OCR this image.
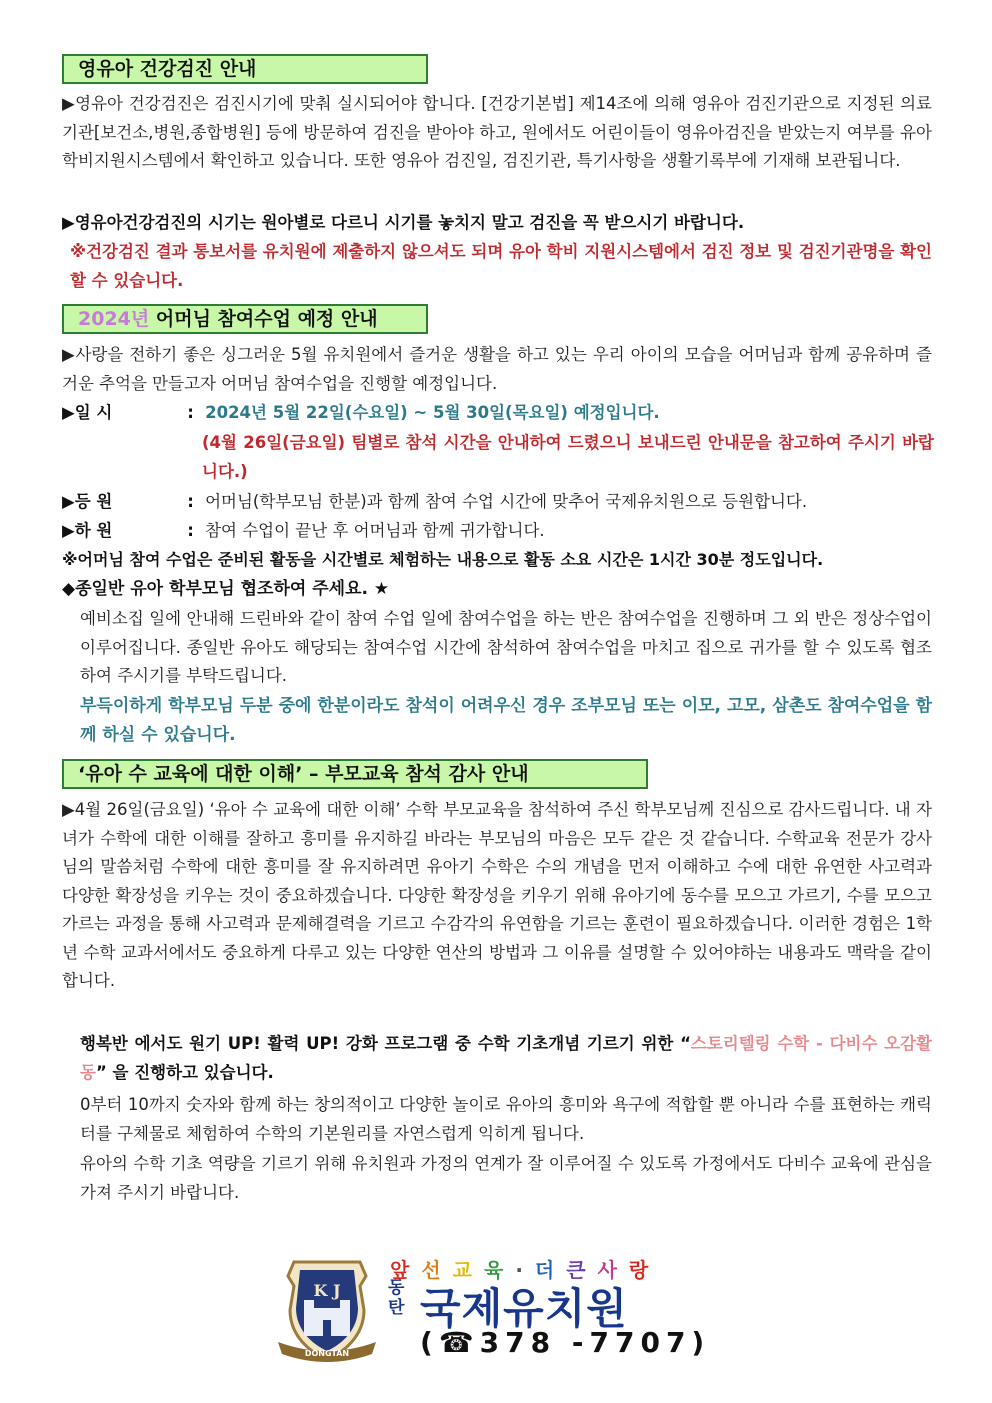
영유아 건강검진 안내

▶영유아 건강검진은 검진시기에 맞춰 실시되어야 합니다. [건강기본법] 제14조에 의해 영유아 검진기관으로 지정된 의료기관[보건소,병원,종합병원] 등에 방문하여 검진을 받아야 하고, 원에서도 어린이들이 영유아검진을 받았는지 여부를 유아학비지원시스템에서 확인하고 있습니다. 또한 영유아 검진일, 검진기관, 특기사항을 생활기록부에 기재해 보관됩니다.

▶영유아건강검진의 시기는 원아별로 다르니 시기를 놓치지 말고 검진을 꼭 받으시기 바랍니다.

※건강검진 결과 통보서를 유치원에 제출하지 않으셔도 되며 유아 학비 지원시스템에서 검진 정보 및 검진기관명을 확인 할 수 있습니다.

2024년 어머님 참여수업 예정 안내

▶사랑을 전하기 좋은 싱그러운 5월 유치원에서 즐거운 생활을 하고 있는 우리 아이의 모습을 어머님과 함께 공유하며 즐거운 추억을 만들고자 어머님 참여수업을 진행할 예정입니다.

▶일 시	: 2024년 5월 22일(수요일) ~ 5월 30일(목요일) 예정입니다.

(4월 26일(금요일) 팀별로 참석 시간을 안내하여 드렸으니 보내드린 안내문을 참고하여 주시기 바랍니다.)

▶등 원	: 어머님(학부모님 한분)과 함께 참여 수업 시간에 맞추어 국제유치원으로 등원합니다.
▶하 원	: 참여 수업이 끝난 후 어머님과 함께 귀가합니다.
※어머님 참여 수업은 준비된 활동을 시간별로 체험하는 내용으로 활동 소요 시간은 1시간 30분 정도입니다.
◆종일반 유아 학부모님 협조하여 주세요. ★

예비소집 일에 안내해 드린바와 같이 참여 수업 일에 참여수업을 하는 반은 참여수업을 진행하며 그 외 반은 정상수업이 이루어집니다. 종일반 유아도 해당되는 참여수업 시간에 참석하여 참여수업을 마치고 집으로 귀가를 할 수 있도록 협조하여 주시기를 부탁드립니다.

부득이하게 학부모님 두분 중에 한분이라도 참석이 어려우신 경우 조부모님 또는 이모, 고모, 삼촌도 참여수업을 함께 하실 수 있습니다.

‘유아 수 교육에 대한 이해’ – 부모교육 참석 감사 안내

▶4월 26일(금요일) ‘유아 수 교육에 대한 이해’ 수학 부모교육을 참석하여 주신 학부모님께 진심으로 감사드립니다. 내 자녀가 수학에 대한 이해를 잘하고 흥미를 유지하길 바라는 부모님의 마음은 모두 같은 것 같습니다. 수학교육 전문가 강사님의 말씀처럼 수학에 대한 흥미를 잘 유지하려면 유아기 수학은 수의 개념을 먼저 이해하고 수에 대한 유연한 사고력과 다양한 확장성을 키우는 것이 중요하겠습니다. 다양한 확장성을 키우기 위해 유아기에 동수를 모으고 가르기, 수를 모으고 가르는 과정을 통해 사고력과 문제해결력을 기르고 수감각의 유연함을 기르는 훈련이 필요하겠습니다. 이러한 경험은 1학년 수학 교과서에서도 중요하게 다루고 있는 다양한 연산의 방법과 그 이유를 설명할 수 있어야하는 내용과도 맥락을 같이합니다.

행복반 에서도 원기 UP! 활력 UP! 강화 프로그램 중 수학 기초개념 기르기 위한 “스토리텔링 수학 - 다비수 오감활동” 을 진행하고 있습니다.

0부터 10까지 숫자와 함께 하는 창의적이고 다양한 놀이로 유아의 흥미와 욕구에 적합할 뿐 아니라 수를 표현하는 캐릭터를 구체물로 체험하여 수학의 기본원리를 자연스럽게 익히게 됩니다.

유아의 수학 기초 역량을 기르기 위해 유치원과 가정의 연계가 잘 이루어질 수 있도록 가정에서도 다비수 교육에 관심을 가져 주시기 바랍니다.

K J
DONGTAN
앞선교육·더큰사랑
동탄 국제유치원
(☎378 -7707)
